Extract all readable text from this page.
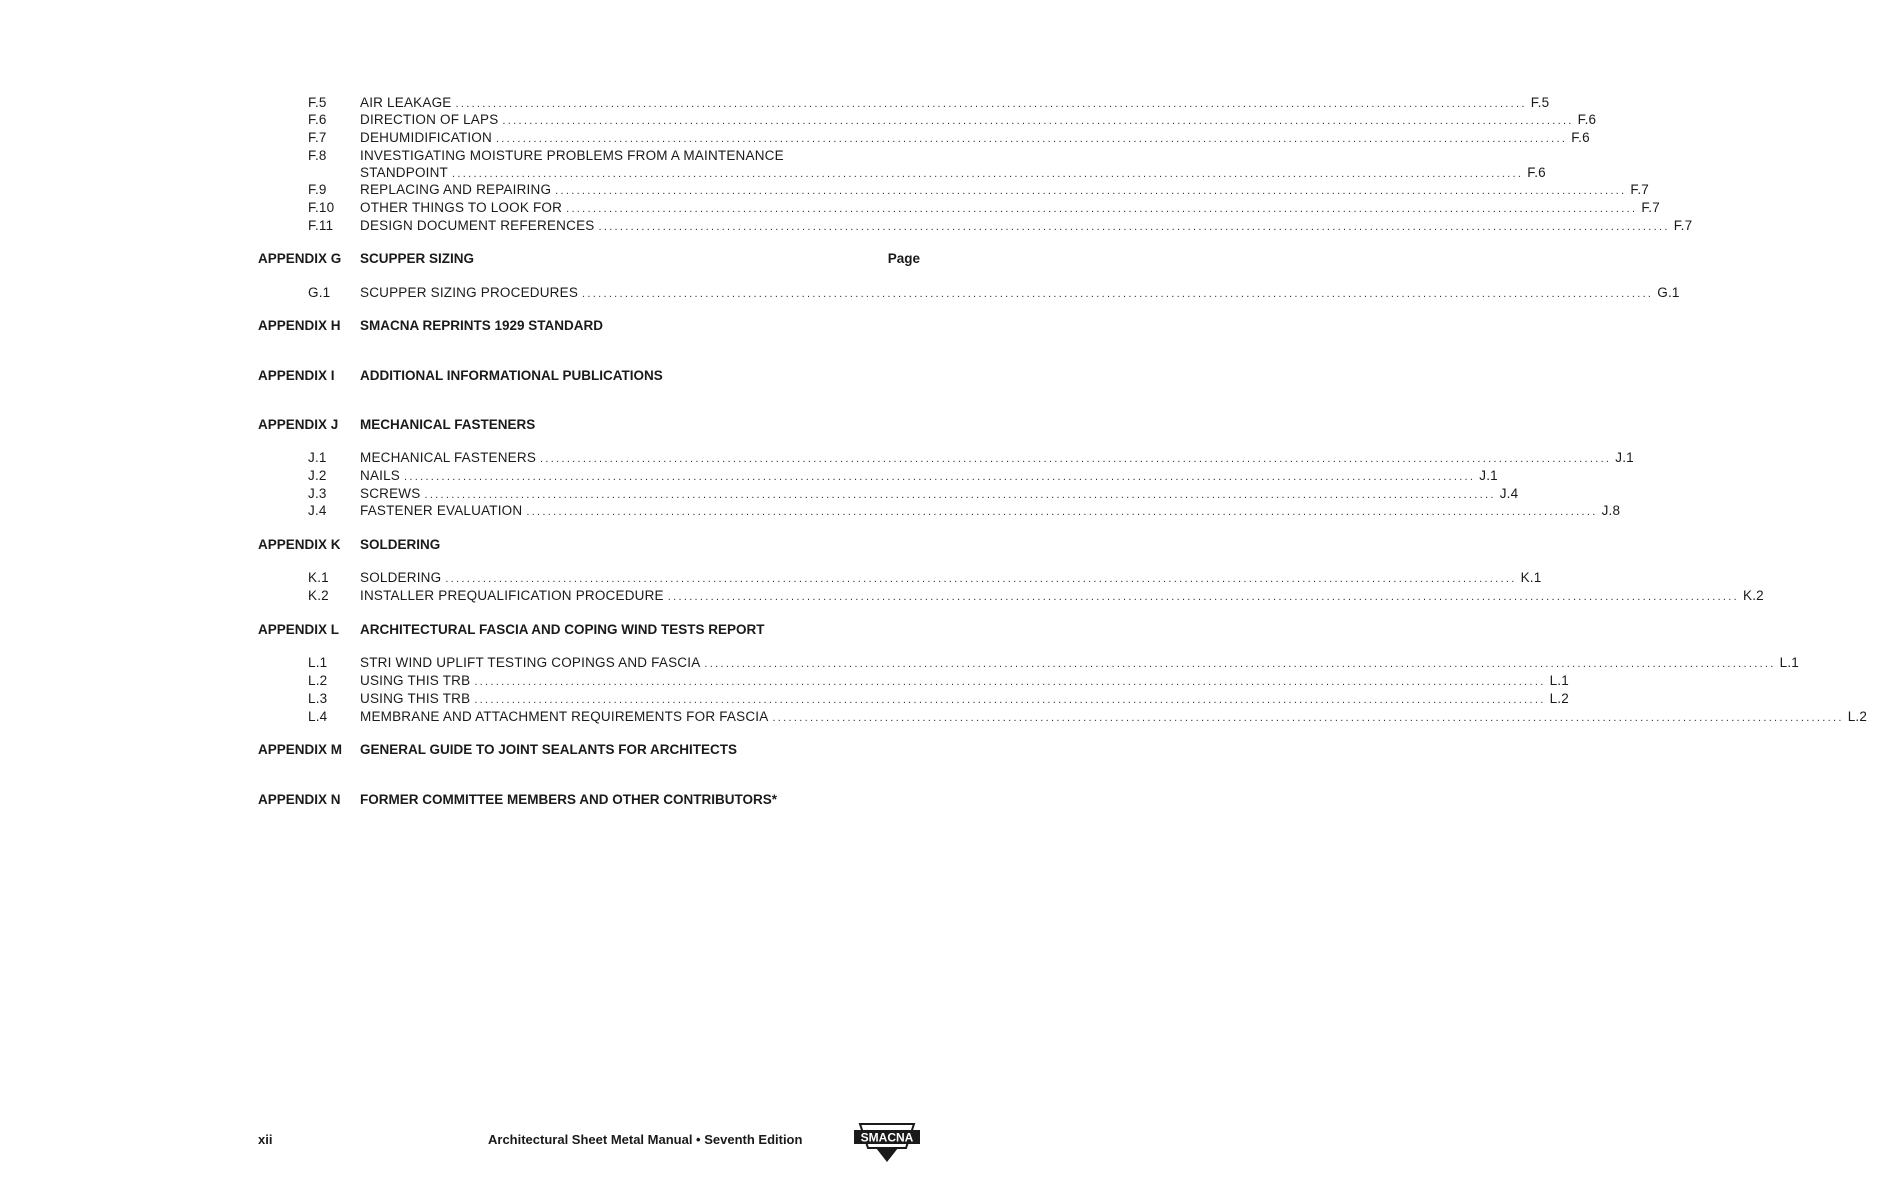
F.5 AIR LEAKAGE ........................................................................................................................................................................................................ F.5
F.6 DIRECTION OF LAPS ........................................................................................................................................................................................................ F.6
F.7 DEHUMIDIFICATION ........................................................................................................................................................................................................ F.6
F.8 INVESTIGATING MOISTURE PROBLEMS FROM A MAINTENANCE
STANDPOINT ........................................................................................................................................................................................................ F.6
F.9 REPLACING AND REPAIRING ........................................................................................................................................................................................................ F.7
F.10 OTHER THINGS TO LOOK FOR ........................................................................................................................................................................................................ F.7
F.11 DESIGN DOCUMENT REFERENCES ........................................................................................................................................................................................................ F.7
APPENDIX G SCUPPER SIZING	Page
G.1 SCUPPER SIZING PROCEDURES ........................................................................................................................................................................................................ G.1
APPENDIX H SMACNA REPRINTS 1929 STANDARD
APPENDIX I ADDITIONAL INFORMATIONAL PUBLICATIONS
APPENDIX J MECHANICAL FASTENERS
J.1 MECHANICAL FASTENERS ........................................................................................................................................................................................................ J.1
J.2 NAILS ........................................................................................................................................................................................................ J.1
J.3 SCREWS ........................................................................................................................................................................................................ J.4
J.4 FASTENER EVALUATION ........................................................................................................................................................................................................ J.8
APPENDIX K SOLDERING
K.1 SOLDERING ........................................................................................................................................................................................................ K.1
K.2 INSTALLER PREQUALIFICATION PROCEDURE ........................................................................................................................................................................................................ K.2
APPENDIX L ARCHITECTURAL FASCIA AND COPING WIND TESTS REPORT
L.1 STRI WIND UPLIFT TESTING COPINGS AND FASCIA ........................................................................................................................................................................................................ L.1
L.2 USING THIS TRB ........................................................................................................................................................................................................ L.1
L.3 USING THIS TRB ........................................................................................................................................................................................................ L.2
L.4 MEMBRANE AND ATTACHMENT REQUIREMENTS FOR FASCIA ........................................................................................................................................................................................................ L.2
APPENDIX M GENERAL GUIDE TO JOINT SEALANTS FOR ARCHITECTS
APPENDIX N FORMER COMMITTEE MEMBERS AND OTHER CONTRIBUTORS*
xii	Architectural Sheet Metal Manual • Seventh Edition	SMACNA
